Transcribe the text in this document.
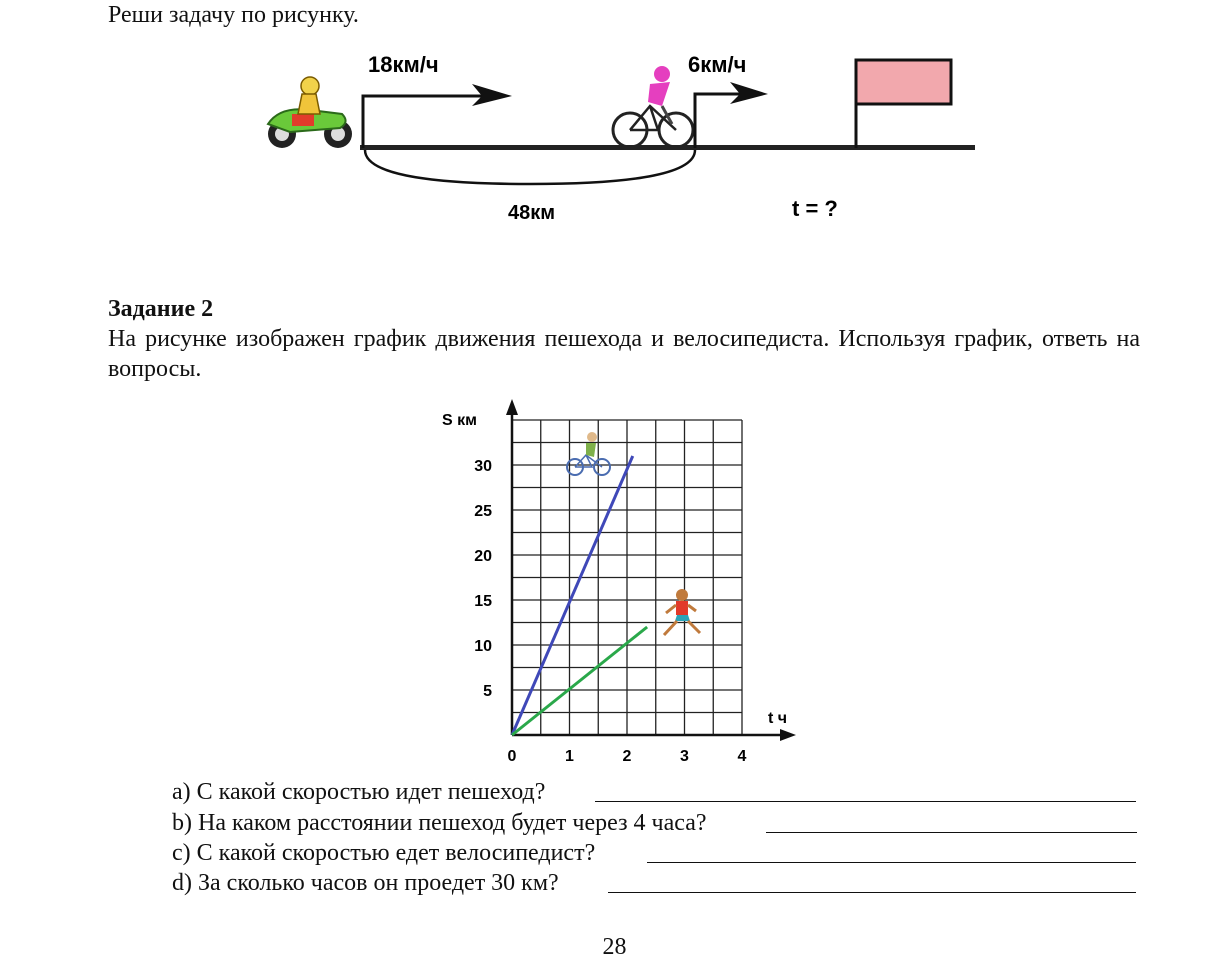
Реши задачу по рисунку.
18км/ч
48км
6км/ч
t = ?
Задание 2
На рисунке изображен график движения пешехода и велосипедиста. Используя график, ответь на вопросы.
S км
t ч
30
25
20
15
10
5
0	1	2	3	4
a) С какой скоростью идет пешеход?
b) На каком расстоянии пешеход будет через 4 часа?
c) С какой скоростью едет велосипедист?
d) За сколько часов он проедет 30 км?
28
